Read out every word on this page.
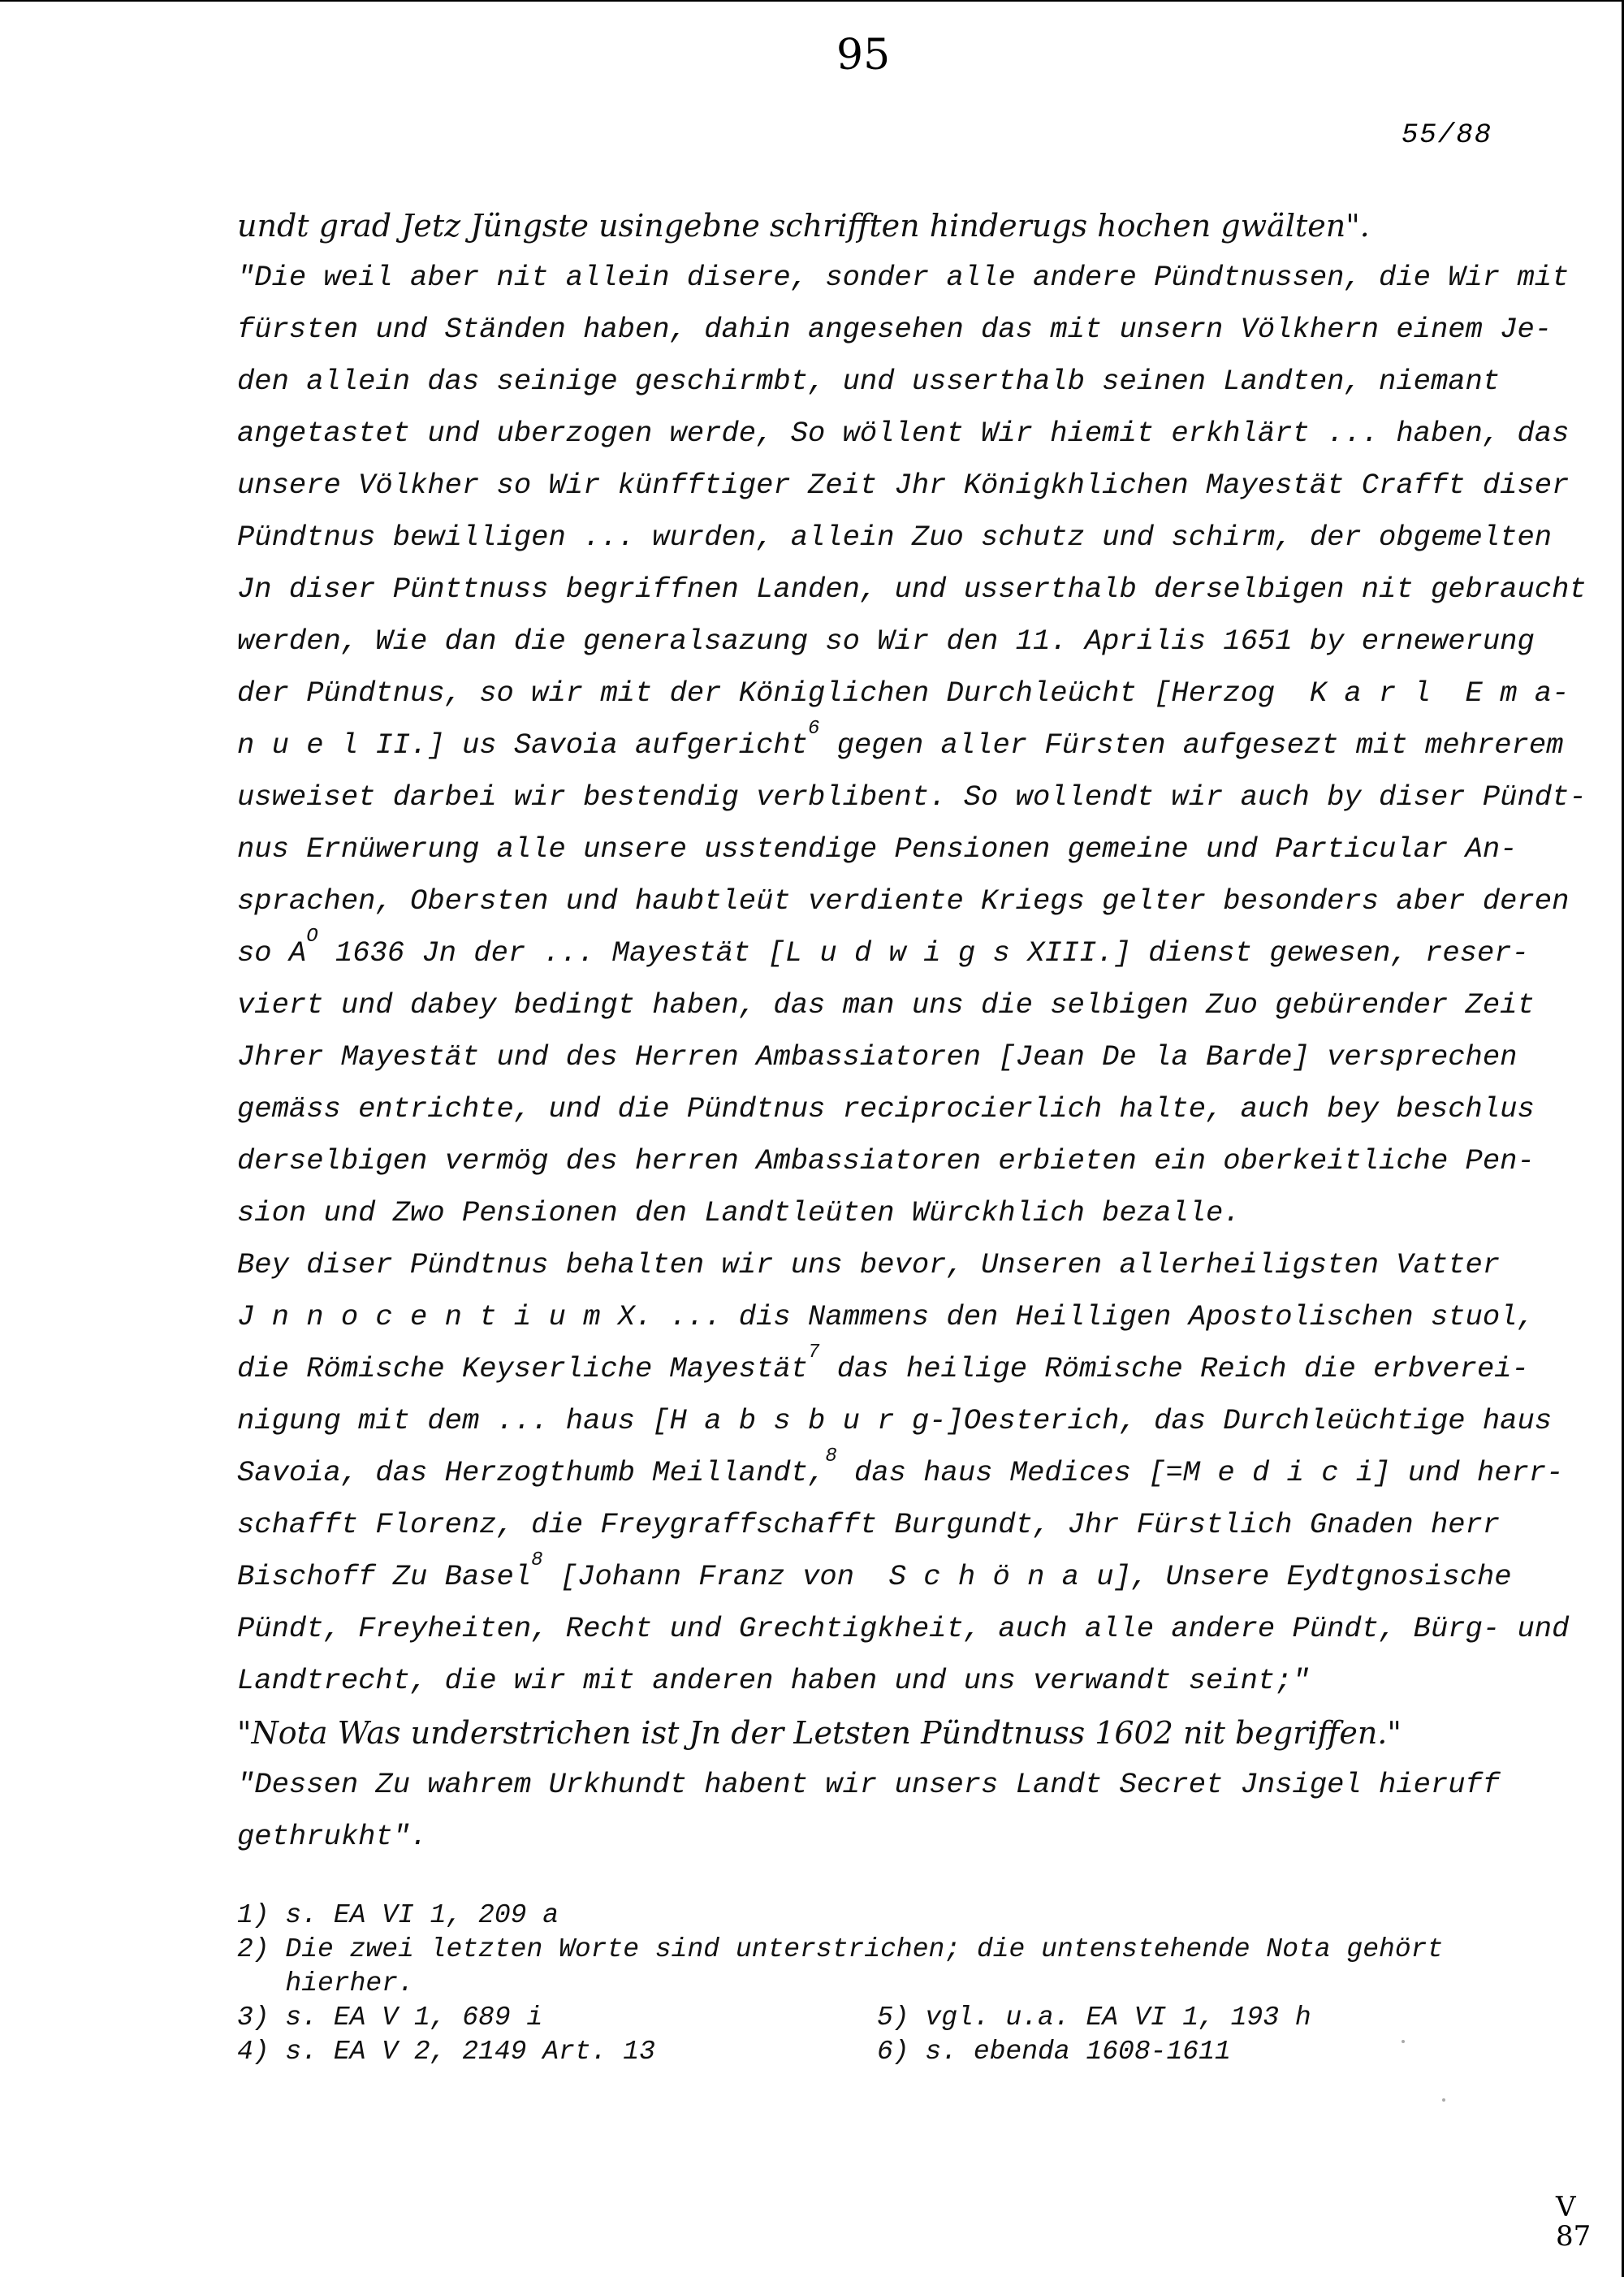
95
55/88
undt grad Jetz Jüngste usingebne schrifften hinderugs hochen gwälten".
"Die weil aber nit allein disere, sonder alle andere Pündtnussen, die Wir mit
fürsten und Ständen haben, dahin angesehen das mit unsern Völkhern einem Je-
den allein das seinige geschirmbt, und usserthalb seinen Landten, niemant
angetastet und uberzogen werde, So wöllent Wir hiemit erkhlärt ... haben, das
unsere Völkher so Wir künfftiger Zeit Jhr Königkhlichen Mayestät Crafft diser
Pündtnus bewilligen ... wurden, allein Zuo schutz und schirm, der obgemelten
Jn diser Pünttnuss begriffnen Landen, und usserthalb derselbigen nit gebraucht
werden, Wie dan die generalsazung so Wir den 11. Aprilis 1651 by ernewerung
der Pündtnus, so wir mit der Königlichen Durchleücht [Herzog  K a r l  E m a-
n u e l II.] us Savoia aufgericht$^6$ gegen aller Fürsten aufgesezt mit mehrerem
usweiset darbei wir bestendig verblibent. So wollendt wir auch by diser Pündt-
nus Ernüwerung alle unsere usstendige Pensionen gemeine und Particular An-
sprachen, Obersten und haubtleüt verdiente Kriegs gelter besonders aber deren
so $A^O$ 1636 Jn der ... Mayestät [L u d w i g s XIII.] dienst gewesen, reser-
viert und dabey bedingt haben, das man uns die selbigen Zuo gebürender Zeit
Jhrer Mayestät und des Herren Ambassiatoren [Jean De la Barde] versprechen
gemäss entrichte, und die Pündtnus reciprocierlich halte, auch bey beschlus
derselbigen vermög des herren Ambassiatoren erbieten ein oberkeitliche Pen-
sion und Zwo Pensionen den Landtleüten Würckhlich bezalle.
Bey diser Pündtnus behalten wir uns bevor, Unseren allerheiligsten Vatter
J n n o c e n t i u m X. ... dis Nammens den Heilligen Apostolischen stuol,
die Römische Keyserliche Mayestät$^7$ das heilige Römische Reich die erbverei-
nigung mit dem ... haus [H a b s b u r g-]Oesterich, das Durchleüchtige haus
Savoia, das Herzogthumb Meillandt,$^8$ das haus Medices [=M e d i c i] und herr-
schafft Florenz, die Freygraffschafft Burgundt, Jhr Fürstlich Gnaden herr
Bischoff Zu Basel$^8$ [Johann Franz von  S c h ö n a u], Unsere Eydtgnosische
Pündt, Freyheiten, Recht und Grechtigkheit, auch alle andere Pündt, Bürg- und
Landtrecht, die wir mit anderen haben und uns verwandt seint;"
"Nota Was understrichen ist Jn der Letsten Pündtnuss 1602 nit begriffen."
"Dessen Zu wahrem Urkhundt habent wir unsers Landt Secret Jnsigel hieruff
gethrukht".
1) s. EA VI 1, 209 a
2) Die zwei letzten Worte sind unterstrichen; die untenstehende Nota gehört
hierher.
3) s. EA V 1, 689 i
4) s. EA V 2, 2149 Art. 13
5) vgl. u.a. EA VI 1, 193 h
6) s. ebenda 1608-1611
V
87
